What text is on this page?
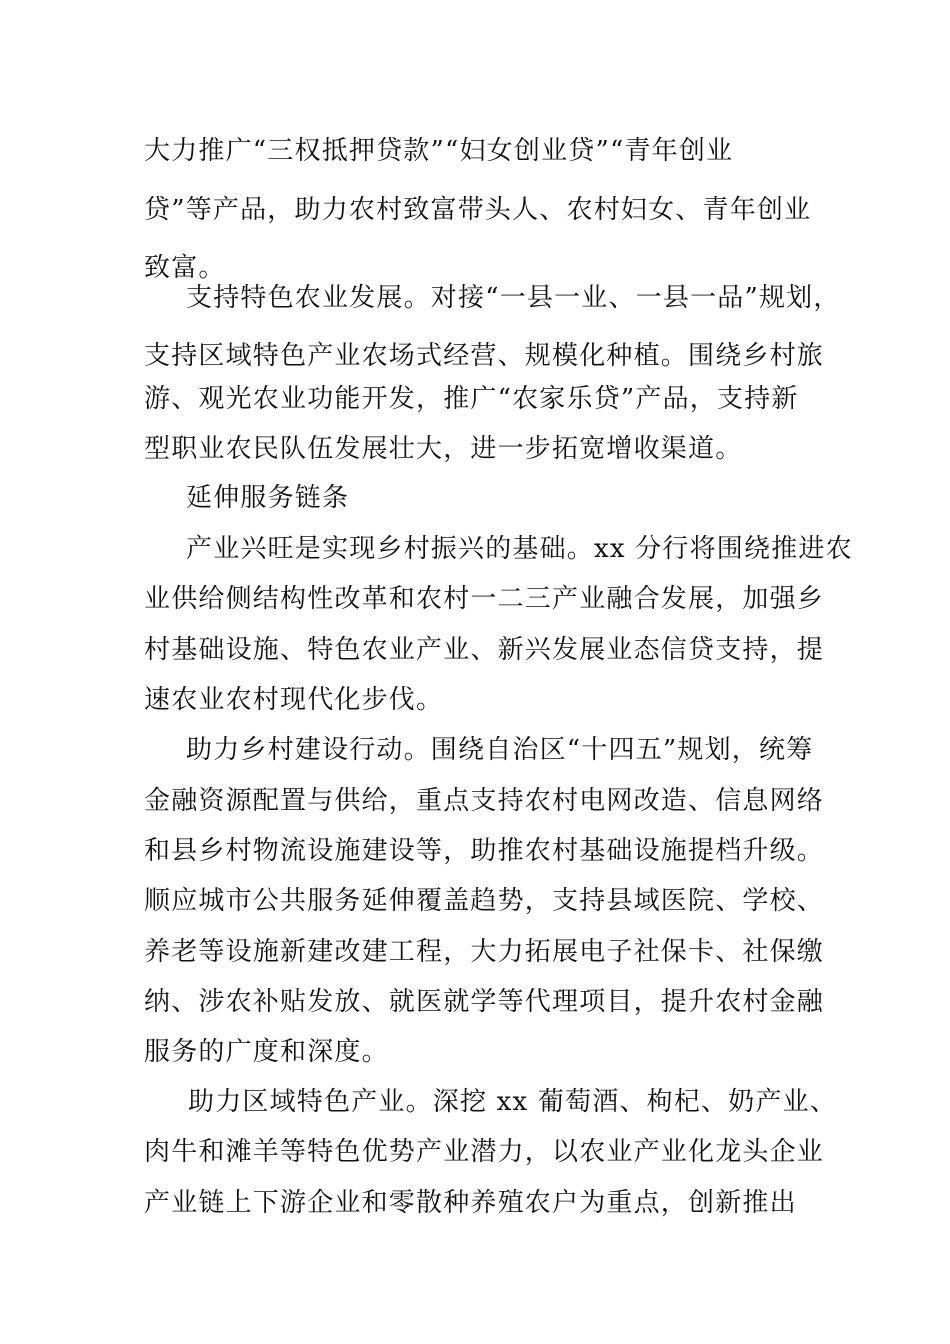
大力推广“三权抵押贷款”“妇女创业贷”“青年创业
贷”等产品，助力农村致富带头人、农村妇女、青年创业
致富。
支持特色农业发展。对接“一县一业、一县一品”规划，
支持区域特色产业农场式经营、规模化种植。围绕乡村旅
游、观光农业功能开发，推广“农家乐贷”产品，支持新
型职业农民队伍发展壮大，进一步拓宽增收渠道。
延伸服务链条
产业兴旺是实现乡村振兴的基础。xx 分行将围绕推进农
业供给侧结构性改革和农村一二三产业融合发展，加强乡
村基础设施、特色农业产业、新兴发展业态信贷支持，提
速农业农村现代化步伐。
助力乡村建设行动。围绕自治区“十四五”规划，统筹
金融资源配置与供给，重点支持农村电网改造、信息网络
和县乡村物流设施建设等，助推农村基础设施提档升级。
顺应城市公共服务延伸覆盖趋势，支持县域医院、学校、
养老等设施新建改建工程，大力拓展电子社保卡、社保缴
纳、涉农补贴发放、就医就学等代理项目，提升农村金融
服务的广度和深度。
助力区域特色产业。深挖 xx 葡萄酒、枸杞、奶产业、
肉牛和滩羊等特色优势产业潜力，以农业产业化龙头企业
产业链上下游企业和零散种养殖农户为重点，创新推出
